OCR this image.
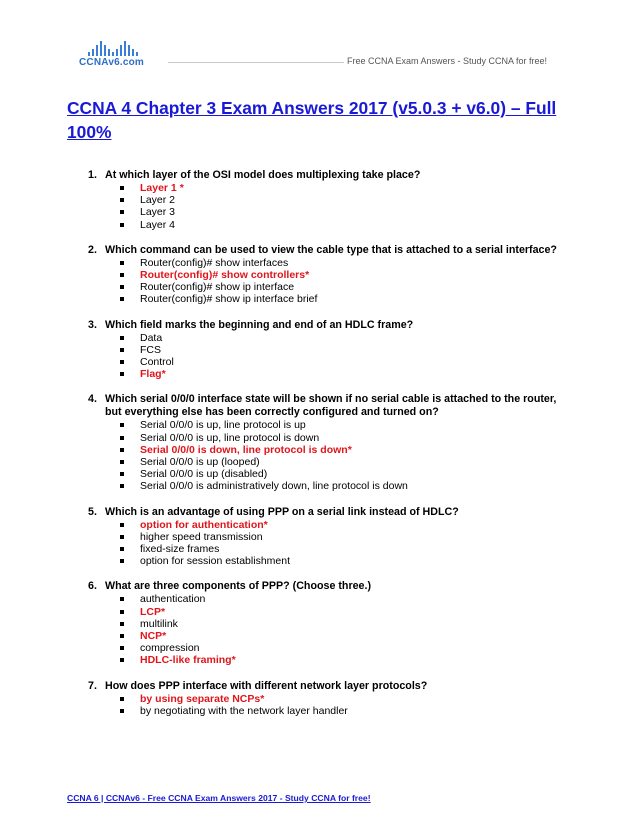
CCNAv6.com	Free CCNA Exam Answers - Study CCNA for free!
CCNA 4 Chapter 3 Exam Answers 2017 (v5.0.3 + v6.0) – Full 100%
1. At which layer of the OSI model does multiplexing take place?
Layer 1 *
Layer 2
Layer 3
Layer 4
2. Which command can be used to view the cable type that is attached to a serial interface?
Router(config)# show interfaces
Router(config)# show controllers*
Router(config)# show ip interface
Router(config)# show ip interface brief
3. Which field marks the beginning and end of an HDLC frame?
Data
FCS
Control
Flag*
4. Which serial 0/0/0 interface state will be shown if no serial cable is attached to the router, but everything else has been correctly configured and turned on?
Serial 0/0/0 is up, line protocol is up
Serial 0/0/0 is up, line protocol is down
Serial 0/0/0 is down, line protocol is down*
Serial 0/0/0 is up (looped)
Serial 0/0/0 is up (disabled)
Serial 0/0/0 is administratively down, line protocol is down
5. Which is an advantage of using PPP on a serial link instead of HDLC?
option for authentication*
higher speed transmission
fixed-size frames
option for session establishment
6. What are three components of PPP? (Choose three.)
authentication
LCP*
multilink
NCP*
compression
HDLC-like framing*
7. How does PPP interface with different network layer protocols?
by using separate NCPs*
by negotiating with the network layer handler
CCNA 6 | CCNAv6 - Free CCNA Exam Answers 2017 - Study CCNA for free!
